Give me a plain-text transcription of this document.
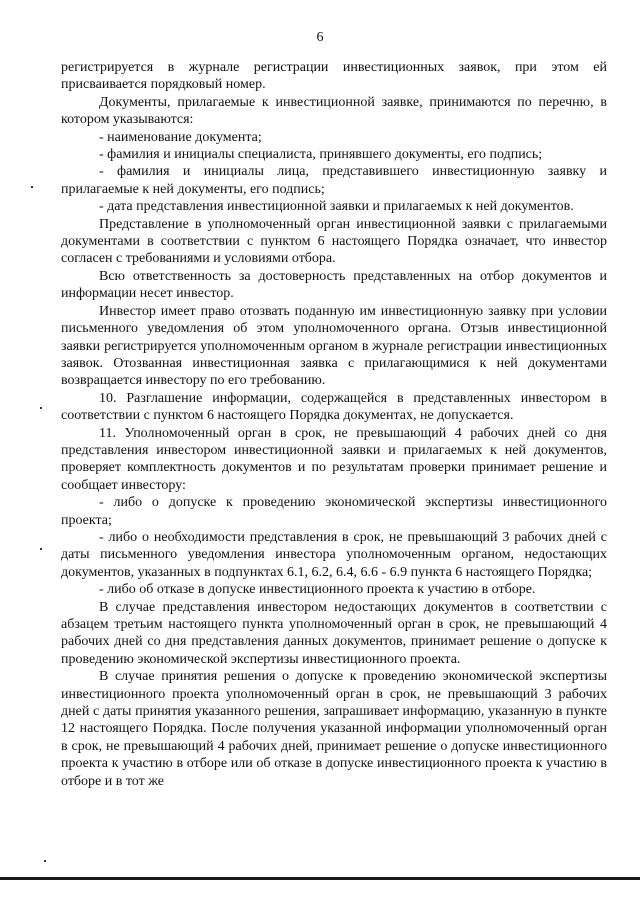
6

регистрируется в журнале регистрации инвестиционных заявок, при этом ей присваивается порядковый номер.

Документы, прилагаемые к инвестиционной заявке, принимаются по перечню, в котором указываются:

- наименование документа;

- фамилия и инициалы специалиста, принявшего документы, его подпись;

- фамилия и инициалы лица, представившего инвестиционную заявку и прилагаемые к ней документы, его подпись;

- дата представления инвестиционной заявки и прилагаемых к ней документов.

Представление в уполномоченный орган инвестиционной заявки с прилагаемыми документами в соответствии с пунктом 6 настоящего Порядка означает, что инвестор согласен с требованиями и условиями отбора.

Всю ответственность за достоверность представленных на отбор документов и информации несет инвестор.

Инвестор имеет право отозвать поданную им инвестиционную заявку при условии письменного уведомления об этом уполномоченного органа. Отзыв инвестиционной заявки регистрируется уполномоченным органом в журнале регистрации инвестиционных заявок. Отозванная инвестиционная заявка с прилагающимися к ней документами возвращается инвестору по его требованию.

10. Разглашение информации, содержащейся в представленных инвестором в соответствии с пунктом 6 настоящего Порядка документах, не допускается.

11. Уполномоченный орган в срок, не превышающий 4 рабочих дней со дня представления инвестором инвестиционной заявки и прилагаемых к ней документов, проверяет комплектность документов и по результатам проверки принимает решение и сообщает инвестору:

- либо о допуске к проведению экономической экспертизы инвестиционного проекта;

- либо о необходимости представления в срок, не превышающий 3 рабочих дней с даты письменного уведомления инвестора уполномоченным органом, недостающих документов, указанных в подпунктах 6.1, 6.2, 6.4, 6.6 - 6.9 пункта 6 настоящего Порядка;

- либо об отказе в допуске инвестиционного проекта к участию в отборе.

В случае представления инвестором недостающих документов в соответствии с абзацем третьим настоящего пункта уполномоченный орган в срок, не превышающий 4 рабочих дней со дня представления данных документов, принимает решение о допуске к проведению экономической экспертизы инвестиционного проекта.

В случае принятия решения о допуске к проведению экономической экспертизы инвестиционного проекта уполномоченный орган в срок, не превышающий 3 рабочих дней с даты принятия указанного решения, запрашивает информацию, указанную в пункте 12 настоящего Порядка. После получения указанной информации уполномоченный орган в срок, не превышающий 4 рабочих дней, принимает решение о допуске инвестиционного проекта к участию в отборе или об отказе в допуске инвестиционного проекта к участию в отборе и в тот же
